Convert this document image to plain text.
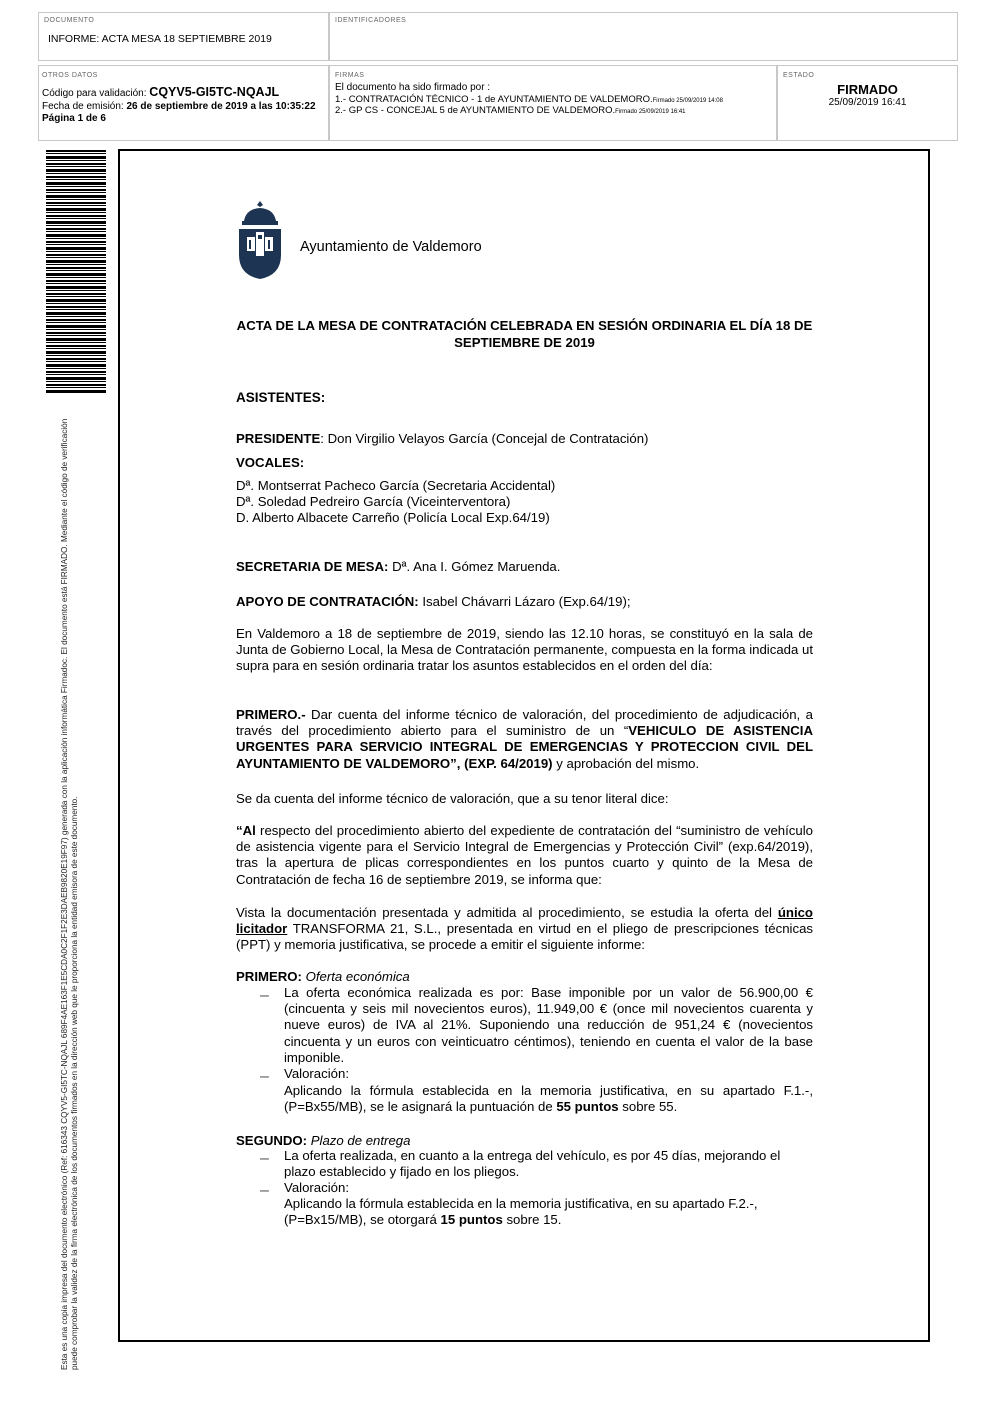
DOCUMENTO
INFORME: ACTA MESA 18 SEPTIEMBRE 2019
IDENTIFICADORES
OTROS DATOS
Código para validación: CQYV5-GI5TC-NQAJL
Fecha de emisión: 26 de septiembre de 2019 a las 10:35:22
Página 1 de 6
FIRMAS
El documento ha sido firmado por :
1.- CONTRATACIÓN TÉCNICO - 1 de AYUNTAMIENTO DE VALDEMORO.Firmado 25/09/2019 14:08
2.- GP CS - CONCEJAL 5 de AYUNTAMIENTO DE VALDEMORO.Firmado 25/09/2019 16:41
ESTADO
FIRMADO
25/09/2019 16:41
Esta es una copia impresa del documento electrónico (Ref: 616343 CQYV5-GI5TC-NQAJL 689F4AE163F1E5CDA0C2F1F2E3DAEB9820E19F97) generada con la aplicación informática Firmadoc. El documento está FIRMADO. Mediante el código de verificación puede comprobar la validez de la firma electrónica de los documentos firmados en la dirección web que le proporciona la entidad emisora de este documento.
Ayuntamiento de Valdemoro
ACTA DE LA MESA DE CONTRATACIÓN CELEBRADA EN SESIÓN ORDINARIA EL DÍA 18 DE SEPTIEMBRE DE 2019
ASISTENTES:
PRESIDENTE: Don Virgilio Velayos García (Concejal de Contratación)
VOCALES:
Dª. Montserrat Pacheco García (Secretaria Accidental)
Dª. Soledad Pedreiro García (Viceinterventora)
D. Alberto Albacete Carreño (Policía Local Exp.64/19)
SECRETARIA DE MESA: Dª. Ana I. Gómez Maruenda.
APOYO DE CONTRATACIÓN: Isabel Chávarri Lázaro (Exp.64/19);
En Valdemoro a 18 de septiembre de 2019, siendo las 12.10 horas, se constituyó en la sala de Junta de Gobierno Local, la Mesa de Contratación permanente, compuesta en la forma indicada ut supra para en sesión ordinaria tratar los asuntos establecidos en el orden del día:
PRIMERO.- Dar cuenta del informe técnico de valoración, del procedimiento de adjudicación, a través del procedimiento abierto para el suministro de un “VEHICULO DE ASISTENCIA URGENTES PARA SERVICIO INTEGRAL DE EMERGENCIAS Y PROTECCION CIVIL DEL AYUNTAMIENTO DE VALDEMORO”, (EXP. 64/2019) y aprobación del mismo.
Se da cuenta del informe técnico de valoración, que a su tenor literal dice:
“Al respecto del procedimiento abierto del expediente de contratación del “suministro de vehículo de asistencia vigente para el Servicio Integral de Emergencias y Protección Civil” (exp.64/2019), tras la apertura de plicas correspondientes en los puntos cuarto y quinto de la Mesa de Contratación de fecha 16 de septiembre 2019, se informa que:
Vista la documentación presentada y admitida al procedimiento, se estudia la oferta del único licitador TRANSFORMA 21, S.L., presentada en virtud en el pliego de prescripciones técnicas (PPT) y memoria justificativa, se procede a emitir el siguiente informe:
PRIMERO: Oferta económica
– La oferta económica realizada es por: Base imponible por un valor de 56.900,00 € (cincuenta y seis mil novecientos euros), 11.949,00 € (once mil novecientos cuarenta y nueve euros) de IVA al 21%. Suponiendo una reducción de 951,24 € (novecientos cincuenta y un euros con veinticuatro céntimos), teniendo en cuenta el valor de la base imponible.
– Valoración:
Aplicando la fórmula establecida en la memoria justificativa, en su apartado F.1.-, (P=Bx55/MB), se le asignará la puntuación de 55 puntos sobre 55.
SEGUNDO: Plazo de entrega
– La oferta realizada, en cuanto a la entrega del vehículo, es por 45 días, mejorando el plazo establecido y fijado en los pliegos.
– Valoración:
Aplicando la fórmula establecida en la memoria justificativa, en su apartado F.2.-, (P=Bx15/MB), se otorgará 15 puntos sobre 15.
